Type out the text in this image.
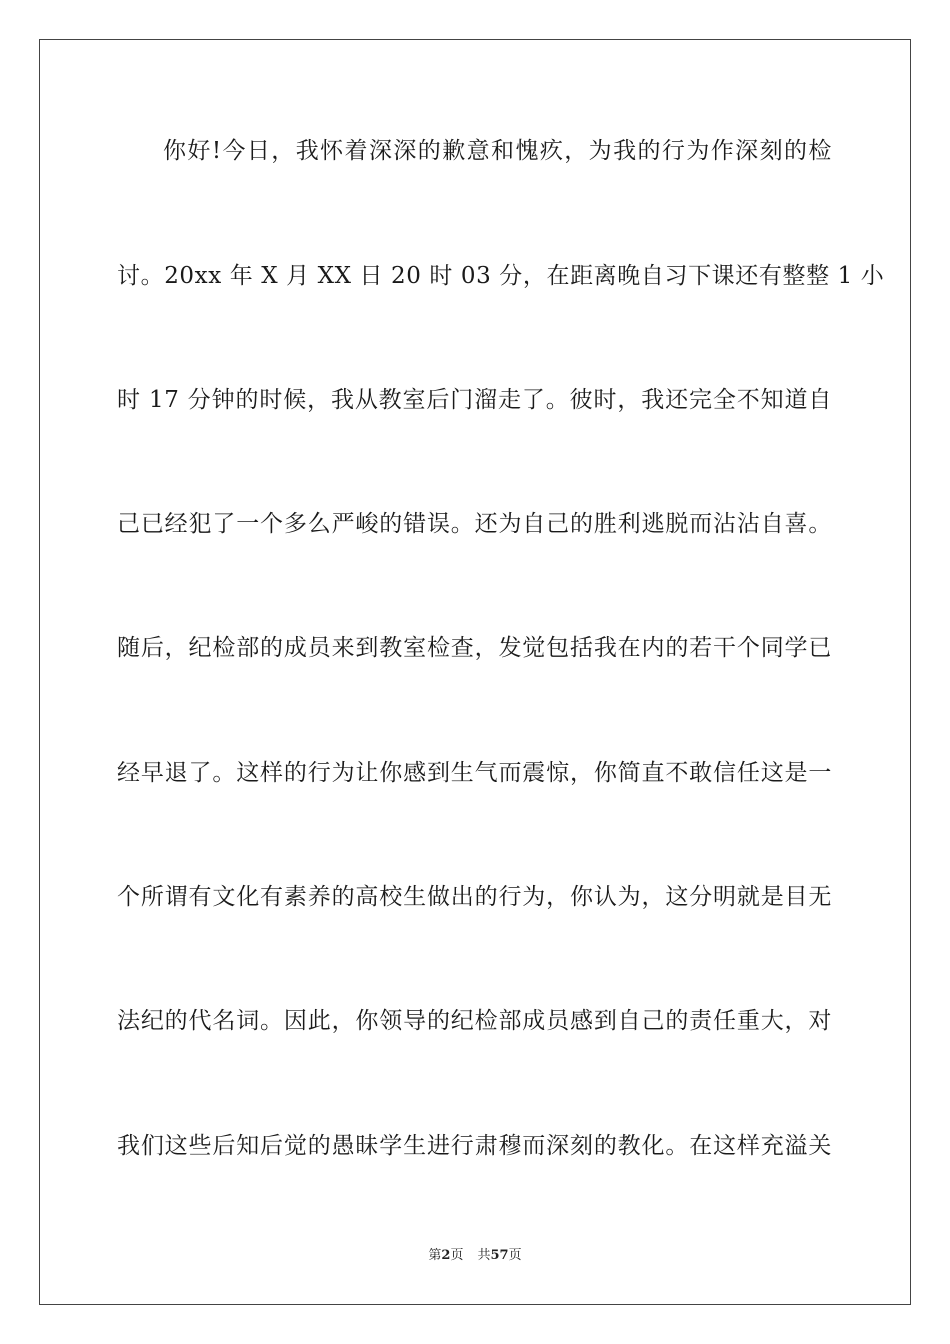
你好!今日，我怀着深深的歉意和愧疚，为我的行为作深刻的检
讨。20xx 年 X 月 XX 日 20 时 03 分，在距离晚自习下课还有整整 1 小
时 17 分钟的时候，我从教室后门溜走了。彼时，我还完全不知道自
己已经犯了一个多么严峻的错误。还为自己的胜利逃脱而沾沾自喜。
随后，纪检部的成员来到教室检查，发觉包括我在内的若干个同学已
经早退了。这样的行为让你感到生气而震惊，你简直不敢信任这是一
个所谓有文化有素养的高校生做出的行为，你认为，这分明就是目无
法纪的代名词。因此，你领导的纪检部成员感到自己的责任重大，对
我们这些后知后觉的愚昧学生进行肃穆而深刻的教化。在这样充溢关
第2页 共57页
